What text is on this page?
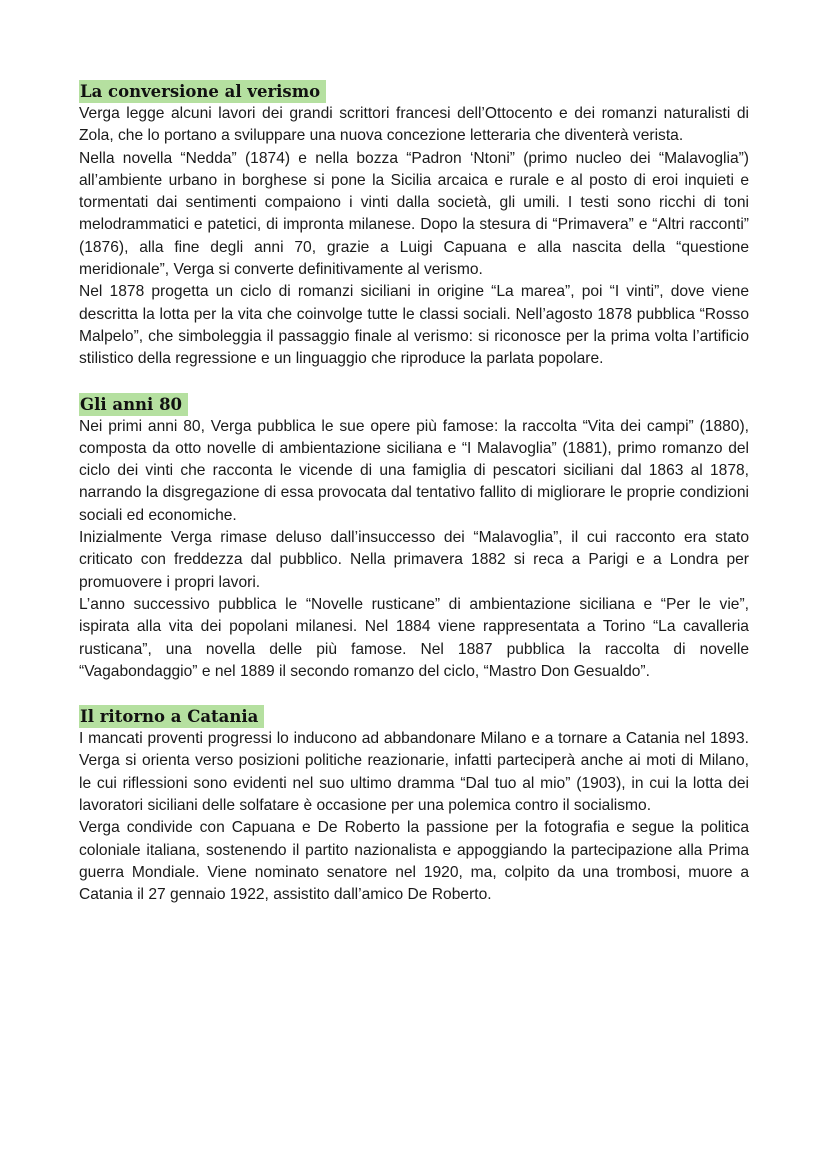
La conversione al verismo

Verga legge alcuni lavori dei grandi scrittori francesi dell’Ottocento e dei romanzi naturalisti di Zola, che lo portano a sviluppare una nuova concezione letteraria che diventerà verista.

Nella novella “Nedda” (1874) e nella bozza “Padron ‘Ntoni” (primo nucleo dei “Malavoglia”) all’ambiente urbano in borghese si pone la Sicilia arcaica e rurale e al posto di eroi inquieti e tormentati dai sentimenti compaiono i vinti dalla società, gli umili. I testi sono ricchi di toni melodrammatici e patetici, di impronta milanese. Dopo la stesura di “Primavera” e “Altri racconti” (1876), alla fine degli anni 70, grazie a Luigi Capuana e alla nascita della “questione meridionale”, Verga si converte definitivamente al verismo.

Nel 1878 progetta un ciclo di romanzi siciliani in origine “La marea”, poi “I vinti”, dove viene descritta la lotta per la vita che coinvolge tutte le classi sociali. Nell’agosto 1878 pubblica “Rosso Malpelo”, che simboleggia il passaggio finale al verismo: si riconosce per la prima volta l’artificio stilistico della regressione e un linguaggio che riproduce la parlata popolare.

Gli anni 80

Nei primi anni 80, Verga pubblica le sue opere più famose: la raccolta “Vita dei campi” (1880), composta da otto novelle di ambientazione siciliana e “I Malavoglia” (1881), primo romanzo del ciclo dei vinti che racconta le vicende di una famiglia di pescatori siciliani dal 1863 al 1878, narrando la disgregazione di essa provocata dal tentativo fallito di migliorare le proprie condizioni sociali ed economiche.

Inizialmente Verga rimase deluso dall’insuccesso dei “Malavoglia”, il cui racconto era stato criticato con freddezza dal pubblico. Nella primavera 1882 si reca a Parigi e a Londra per promuovere i propri lavori.

L’anno successivo pubblica le “Novelle rusticane” di ambientazione siciliana e “Per le vie”, ispirata alla vita dei popolani milanesi. Nel 1884 viene rappresentata a Torino “La cavalleria rusticana”, una novella delle più famose. Nel 1887 pubblica la raccolta di novelle “Vagabondaggio” e nel 1889 il secondo romanzo del ciclo, “Mastro Don Gesualdo”.

Il ritorno a Catania

I mancati proventi progressi lo inducono ad abbandonare Milano e a tornare a Catania nel 1893. Verga si orienta verso posizioni politiche reazionarie, infatti parteciperà anche ai moti di Milano, le cui riflessioni sono evidenti nel suo ultimo dramma “Dal tuo al mio” (1903), in cui la lotta dei lavoratori siciliani delle solfatare è occasione per una polemica contro il socialismo.

Verga condivide con Capuana e De Roberto la passione per la fotografia e segue la politica coloniale italiana, sostenendo il partito nazionalista e appoggiando la partecipazione alla Prima guerra Mondiale. Viene nominato senatore nel 1920, ma, colpito da una trombosi, muore a Catania il 27 gennaio 1922, assistito dall’amico De Roberto.
